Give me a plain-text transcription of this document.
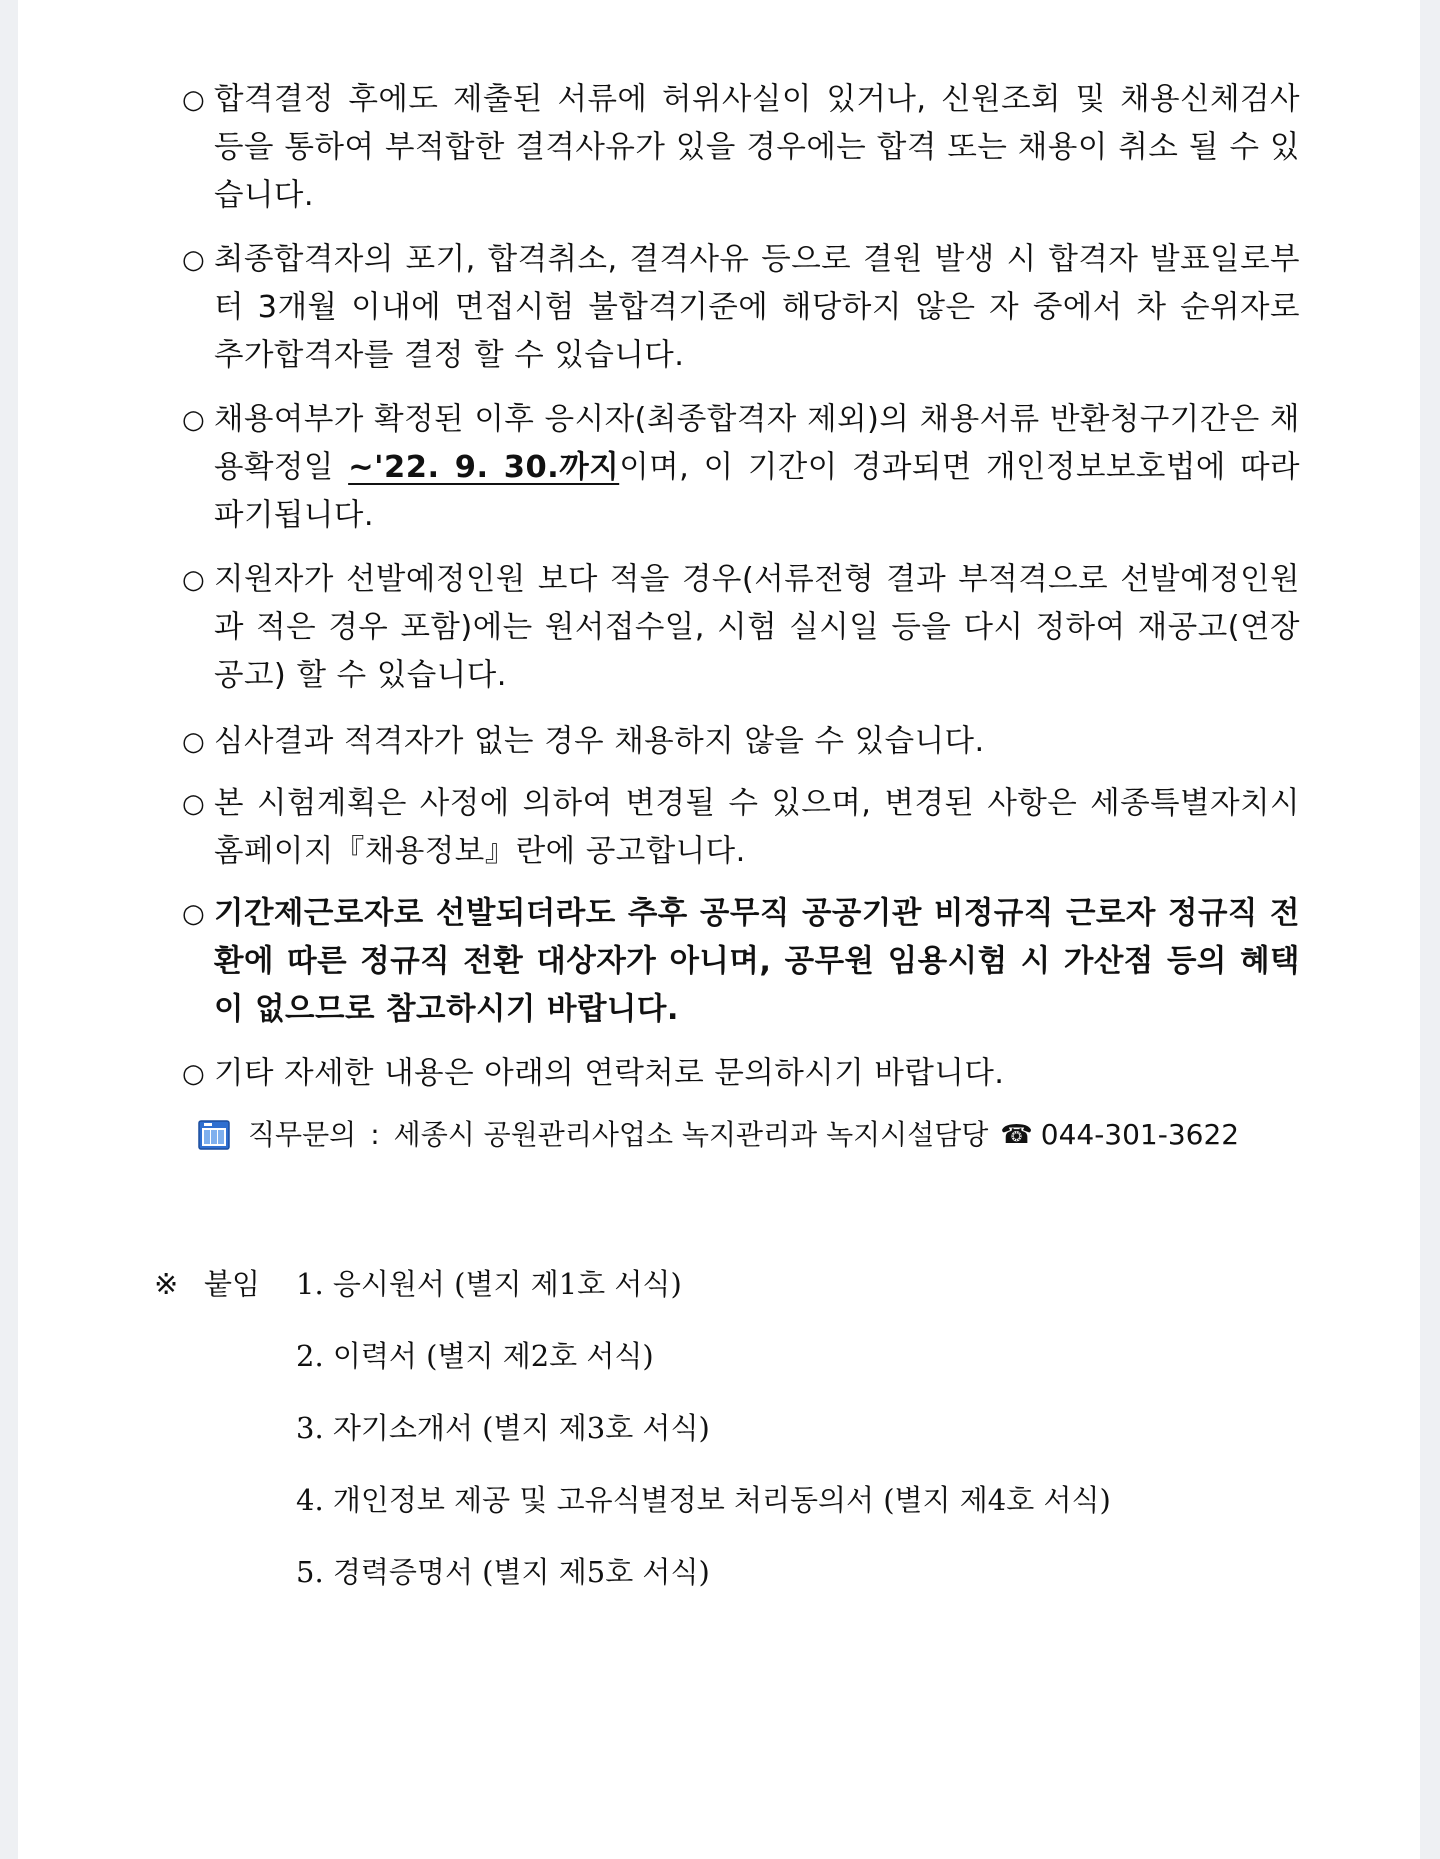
○ 합격결정 후에도 제출된 서류에 허위사실이 있거나, 신원조회 및 채용신체검사 등을 통하여 부적합한 결격사유가 있을 경우에는 합격 또는 채용이 취소 될 수 있습니다.
○ 최종합격자의 포기, 합격취소, 결격사유 등으로 결원 발생 시 합격자 발표일로부터 3개월 이내에 면접시험 불합격기준에 해당하지 않은 자 중에서 차 순위자로 추가합격자를 결정 할 수 있습니다.
○ 채용여부가 확정된 이후 응시자(최종합격자 제외)의 채용서류 반환청구기간은 채용확정일 ~'22. 9. 30.까지이며, 이 기간이 경과되면 개인정보보호법에 따라 파기됩니다.
○ 지원자가 선발예정인원 보다 적을 경우(서류전형 결과 부적격으로 선발예정인원과 적은 경우 포함)에는 원서접수일, 시험 실시일 등을 다시 정하여 재공고(연장공고) 할 수 있습니다.
○ 심사결과 적격자가 없는 경우 채용하지 않을 수 있습니다.
○ 본 시험계획은 사정에 의하여 변경될 수 있으며, 변경된 사항은 세종특별자치시 홈페이지『채용정보』란에 공고합니다.
○ 기간제근로자로 선발되더라도 추후 공무직 공공기관 비정규직 근로자 정규직 전환에 따른 정규직 전환 대상자가 아니며, 공무원 임용시험 시 가산점 등의 혜택이 없으므로 참고하시기 바랍니다.
○ 기타 자세한 내용은 아래의 연락처로 문의하시기 바랍니다.
직무문의 : 세종시 공원관리사업소 녹지관리과 녹지시설담당 ☎ 044-301-3622
※ 붙임 1. 응시원서 (별지 제1호 서식)
2. 이력서 (별지 제2호 서식)
3. 자기소개서 (별지 제3호 서식)
4. 개인정보 제공 및 고유식별정보 처리동의서 (별지 제4호 서식)
5. 경력증명서 (별지 제5호 서식)
